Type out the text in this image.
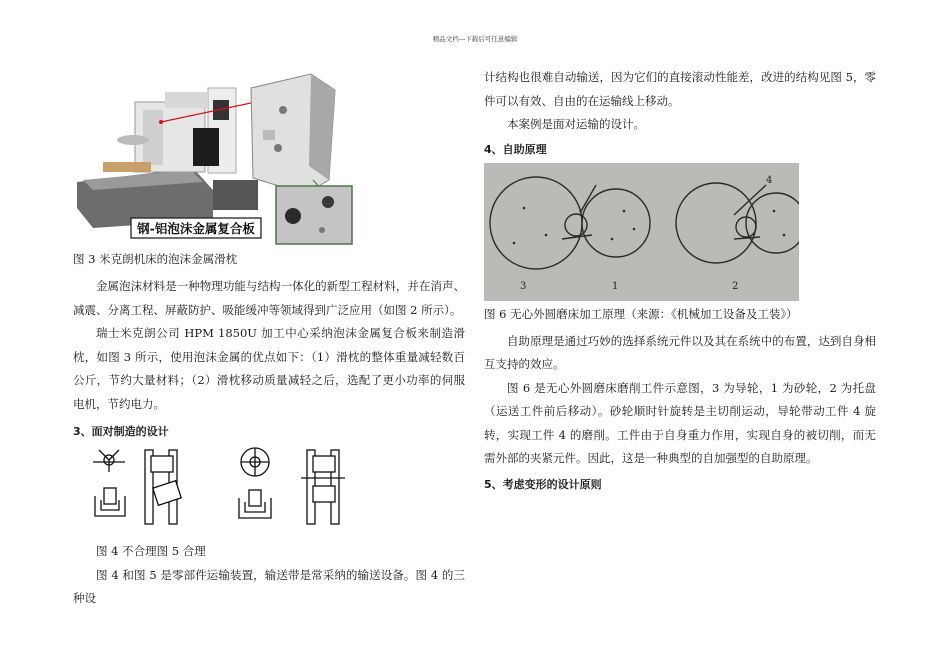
精品文档---下载后可任意编辑
钢-铝泡沫金属复合板

图 3 米克朗机床的泡沫金属滑枕

金属泡沫材料是一种物理功能与结构一体化的新型工程材料，并在消声、减震、分离工程、屏蔽防护、吸能缓冲等领域得到广泛应用（如图 2 所示）。

瑞士米克朗公司 HPM 1850U 加工中心采纳泡沫金属复合板来制造滑枕，如图 3 所示，使用泡沫金属的优点如下：（1）滑枕的整体重量减轻数百公斤，节约大量材料；（2）滑枕移动质量减轻之后，选配了更小功率的伺服电机，节约电力。

3、面对制造的设计

图 4 不合理图 5 合理

图 4 和图 5 是零部件运输装置，输送带是常采纳的输送设备。图 4 的三种设

计结构也很难自动输送，因为它们的直接滚动性能差，改进的结构见图 5，零件可以有效、自由的在运输线上移动。

本案例是面对运输的设计。

4、自助原理
3	1	2
4

图 6 无心外圆磨床加工原理（来源：《机械加工设备及工装》）

自助原理是通过巧妙的选择系统元件以及其在系统中的布置，达到自身相互支持的效应。

图 6 是无心外圆磨床磨削工件示意图，3 为导轮，1 为砂轮，2 为托盘（运送工件前后移动）。砂轮顺时针旋转是主切削运动，导轮带动工件 4 旋转，实现工件 4 的磨削。工件由于自身重力作用，实现自身的被切削，而无需外部的夹紧元件。因此，这是一种典型的自加强型的自助原理。

5、考虑变形的设计原则
